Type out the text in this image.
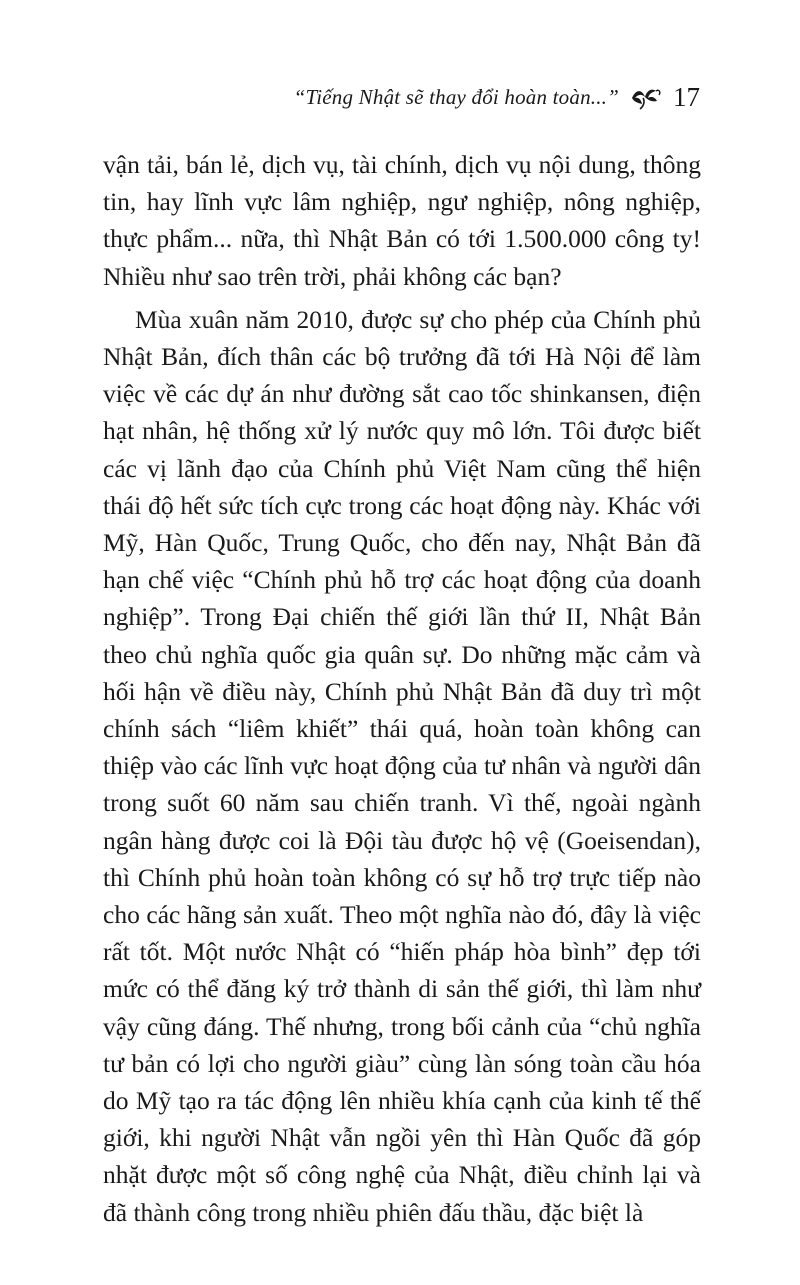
“Tiếng Nhật sẽ thay đổi hoàn toàn...” 17

vận tải, bán lẻ, dịch vụ, tài chính, dịch vụ nội dung, thông tin, hay lĩnh vực lâm nghiệp, ngư nghiệp, nông nghiệp, thực phẩm... nữa, thì Nhật Bản có tới 1.500.000 công ty! Nhiều như sao trên trời, phải không các bạn?

Mùa xuân năm 2010, được sự cho phép của Chính phủ Nhật Bản, đích thân các bộ trưởng đã tới Hà Nội để làm việc về các dự án như đường sắt cao tốc shinkansen, điện hạt nhân, hệ thống xử lý nước quy mô lớn. Tôi được biết các vị lãnh đạo của Chính phủ Việt Nam cũng thể hiện thái độ hết sức tích cực trong các hoạt động này. Khác với Mỹ, Hàn Quốc, Trung Quốc, cho đến nay, Nhật Bản đã hạn chế việc “Chính phủ hỗ trợ các hoạt động của doanh nghiệp”. Trong Đại chiến thế giới lần thứ II, Nhật Bản theo chủ nghĩa quốc gia quân sự. Do những mặc cảm và hối hận về điều này, Chính phủ Nhật Bản đã duy trì một chính sách “liêm khiết” thái quá, hoàn toàn không can thiệp vào các lĩnh vực hoạt động của tư nhân và người dân trong suốt 60 năm sau chiến tranh. Vì thế, ngoài ngành ngân hàng được coi là Đội tàu được hộ vệ (Goeisendan), thì Chính phủ hoàn toàn không có sự hỗ trợ trực tiếp nào cho các hãng sản xuất. Theo một nghĩa nào đó, đây là việc rất tốt. Một nước Nhật có “hiến pháp hòa bình” đẹp tới mức có thể đăng ký trở thành di sản thế giới, thì làm như vậy cũng đáng. Thế nhưng, trong bối cảnh của “chủ nghĩa tư bản có lợi cho người giàu” cùng làn sóng toàn cầu hóa do Mỹ tạo ra tác động lên nhiều khía cạnh của kinh tế thế giới, khi người Nhật vẫn ngồi yên thì Hàn Quốc đã góp nhặt được một số công nghệ của Nhật, điều chỉnh lại và đã thành công trong nhiều phiên đấu thầu, đặc biệt là
